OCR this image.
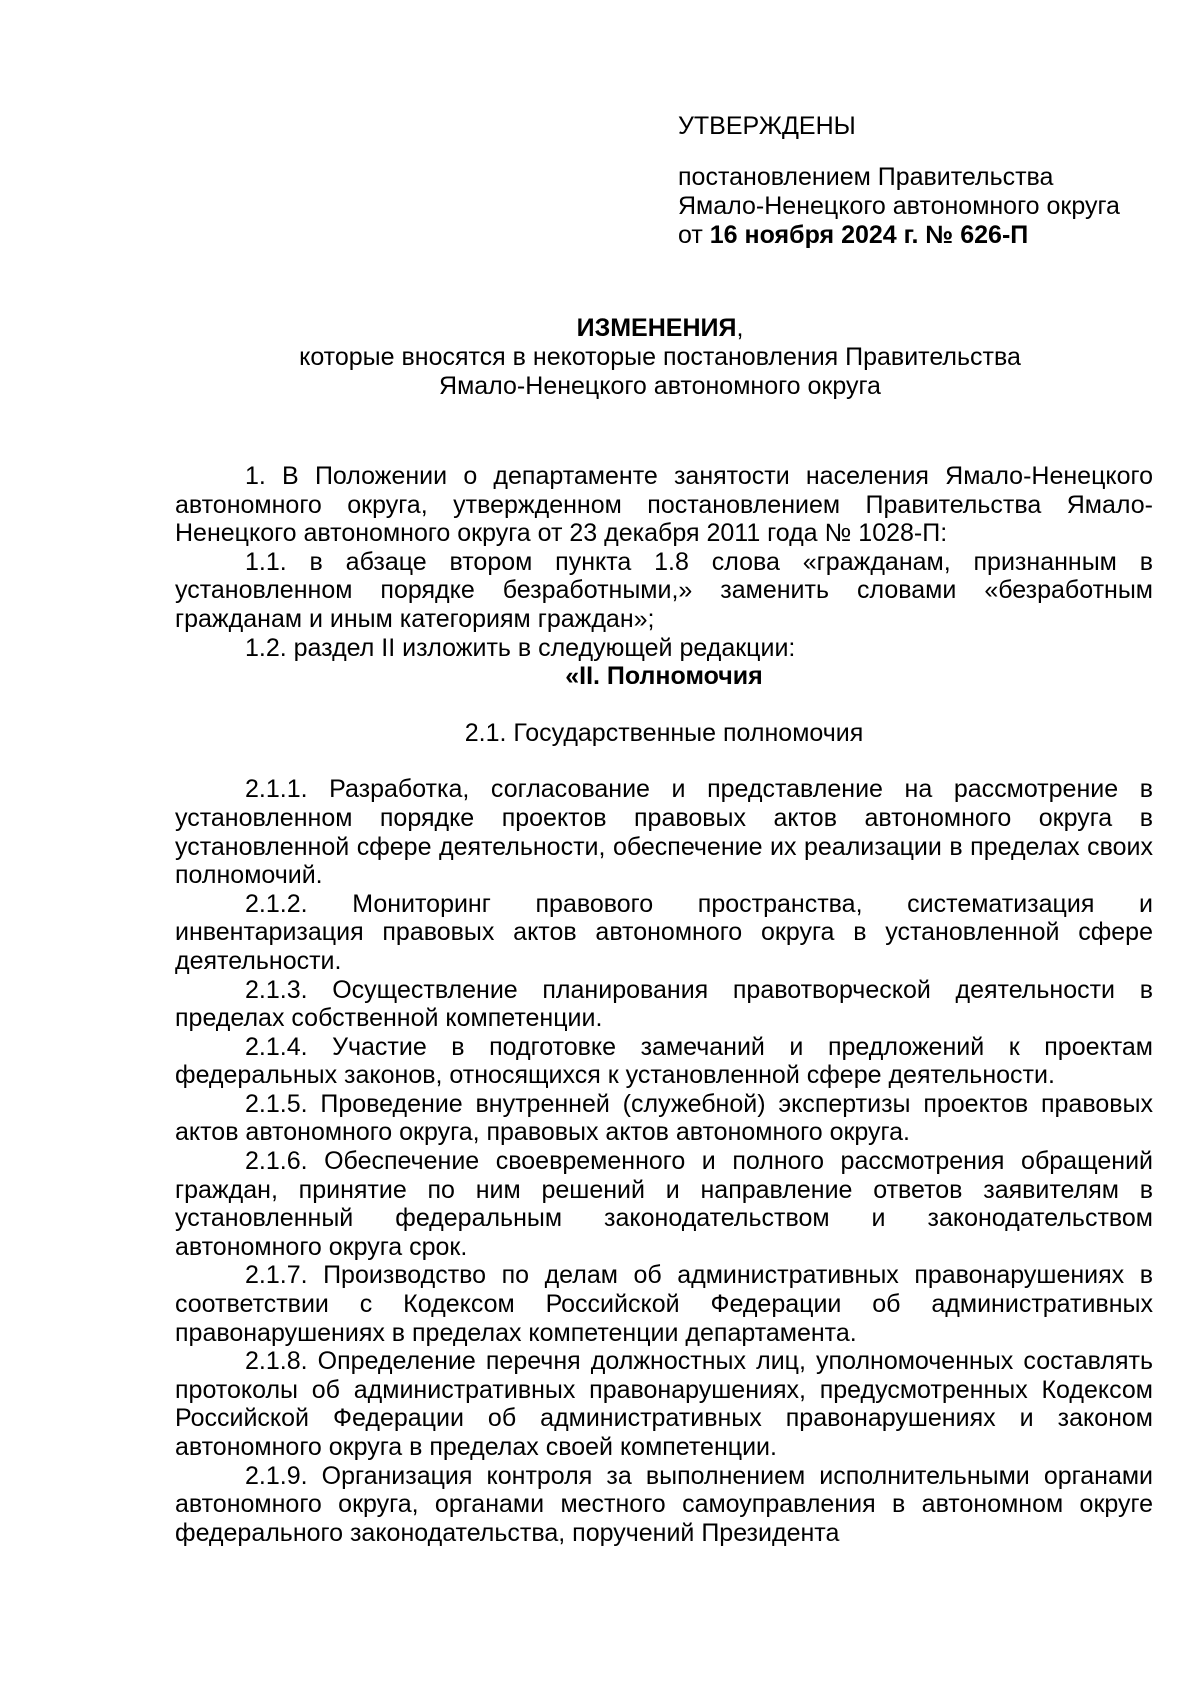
УТВЕРЖДЕНЫ
постановлением Правительства
Ямало-Ненецкого автономного округа
от 16 ноября 2024 г. № 626-П
ИЗМЕНЕНИЯ,
которые вносятся в некоторые постановления Правительства
Ямало-Ненецкого автономного округа

1. В Положении о департаменте занятости населения Ямало-Ненецкого автономного округа, утвержденном постановлением Правительства Ямало-Ненецкого автономного округа от 23 декабря 2011 года № 1028-П:

1.1. в абзаце втором пункта 1.8 слова «гражданам, признанным в установленном порядке безработными,» заменить словами «безработным гражданам и иным категориям граждан»;

1.2. раздел II изложить в следующей редакции:

«II. Полномочия

2.1. Государственные полномочия

2.1.1. Разработка, согласование и представление на рассмотрение в установленном порядке проектов правовых актов автономного округа в установленной сфере деятельности, обеспечение их реализации в пределах своих полномочий.

2.1.2. Мониторинг правового пространства, систематизация и инвентаризация правовых актов автономного округа в установленной сфере деятельности.

2.1.3. Осуществление планирования правотворческой деятельности в пределах собственной компетенции.

2.1.4. Участие в подготовке замечаний и предложений к проектам федеральных законов, относящихся к установленной сфере деятельности.

2.1.5. Проведение внутренней (служебной) экспертизы проектов правовых актов автономного округа, правовых актов автономного округа.

2.1.6. Обеспечение своевременного и полного рассмотрения обращений граждан, принятие по ним решений и направление ответов заявителям в установленный федеральным законодательством и законодательством автономного округа срок.

2.1.7. Производство по делам об административных правонарушениях в соответствии с Кодексом Российской Федерации об административных правонарушениях в пределах компетенции департамента.

2.1.8. Определение перечня должностных лиц, уполномоченных составлять протоколы об административных правонарушениях, предусмотренных Кодексом Российской Федерации об административных правонарушениях и законом автономного округа в пределах своей компетенции.

2.1.9. Организация контроля за выполнением исполнительными органами автономного округа, органами местного самоуправления в автономном округе федерального законодательства, поручений Президента
